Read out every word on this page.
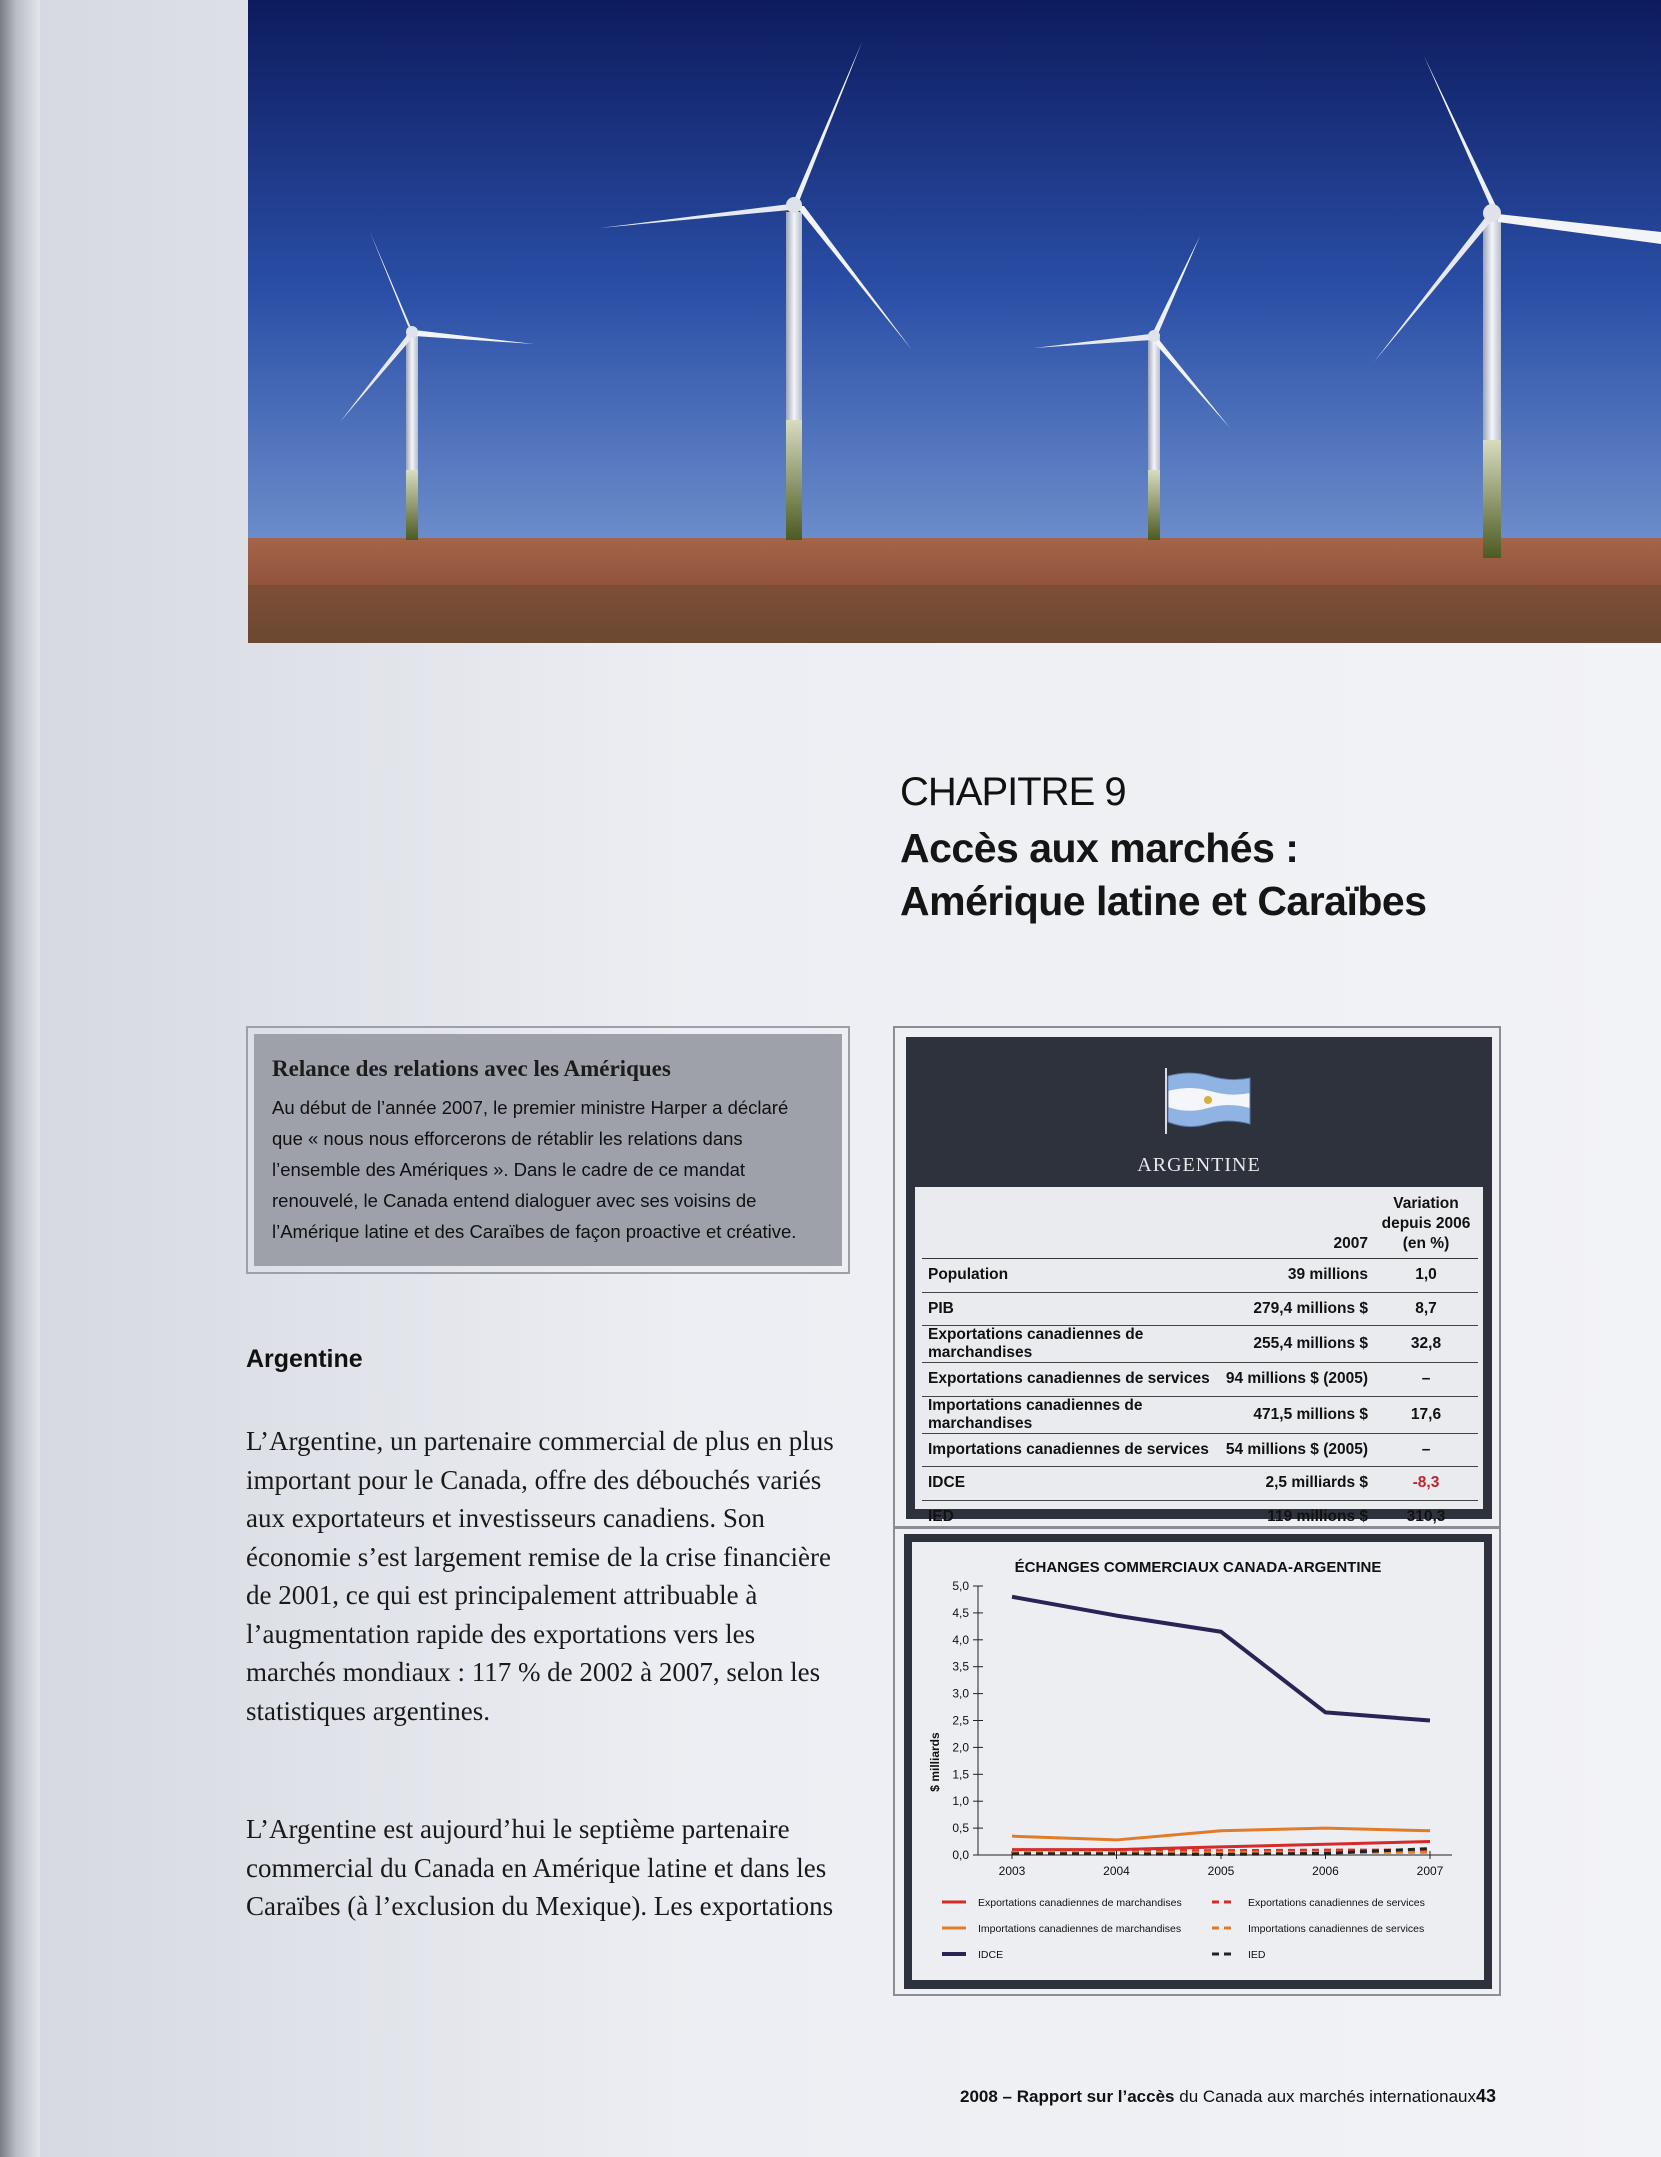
CHAPITRE 9
Accès aux marchés : Amérique latine et Caraïbes
Relance des relations avec les Amériques
Au début de l’année 2007, le premier ministre Harper a déclaré que « nous nous efforcerons de rétablir les relations dans l’ensemble des Amériques ». Dans le cadre de ce mandat renouvelé, le Canada entend dialoguer avec ses voisins de l’Amérique latine et des Caraïbes de façon proactive et créative.
Argentine
L’Argentine, un partenaire commercial de plus en plus important pour le Canada, offre des débouchés variés aux exportateurs et investisseurs canadiens. Son économie s’est largement remise de la crise financière de 2001, ce qui est principalement attribuable à l’augmentation rapide des exportations vers les marchés mondiaux : 117 % de 2002 à 2007, selon les statistiques argentines.
L’Argentine est aujourd’hui le septième partenaire commercial du Canada en Amérique latine et dans les Caraïbes (à l’exclusion du Mexique). Les exportations
ARGENTINE
	2007	Variation depuis 2006 (en %)
Population	39 millions	1,0
PIB	279,4 millions $	8,7
Exportations canadiennes de marchandises	255,4 millions $	32,8
Exportations canadiennes de services	94 millions $ (2005)	–
Importations canadiennes de marchandises	471,5 millions $	17,6
Importations canadiennes de services	54 millions $ (2005)	–
IDCE	2,5 milliards $	-8,3
IED	119 millions $	310,3
ÉCHANGES COMMERCIAUX CANADA-ARGENTINE
$ milliards
0,0
0,5
1,0
1,5
2,0
2,5
3,0
3,5
4,0
4,5
5,0
2003	2004	2005	2006	2007
Exportations canadiennes de marchandises	Exportations canadiennes de services
Importations canadiennes de marchandises	Importations canadiennes de services
IDCE	IED
2008 – Rapport sur l’accès du Canada aux marchés internationaux 43
